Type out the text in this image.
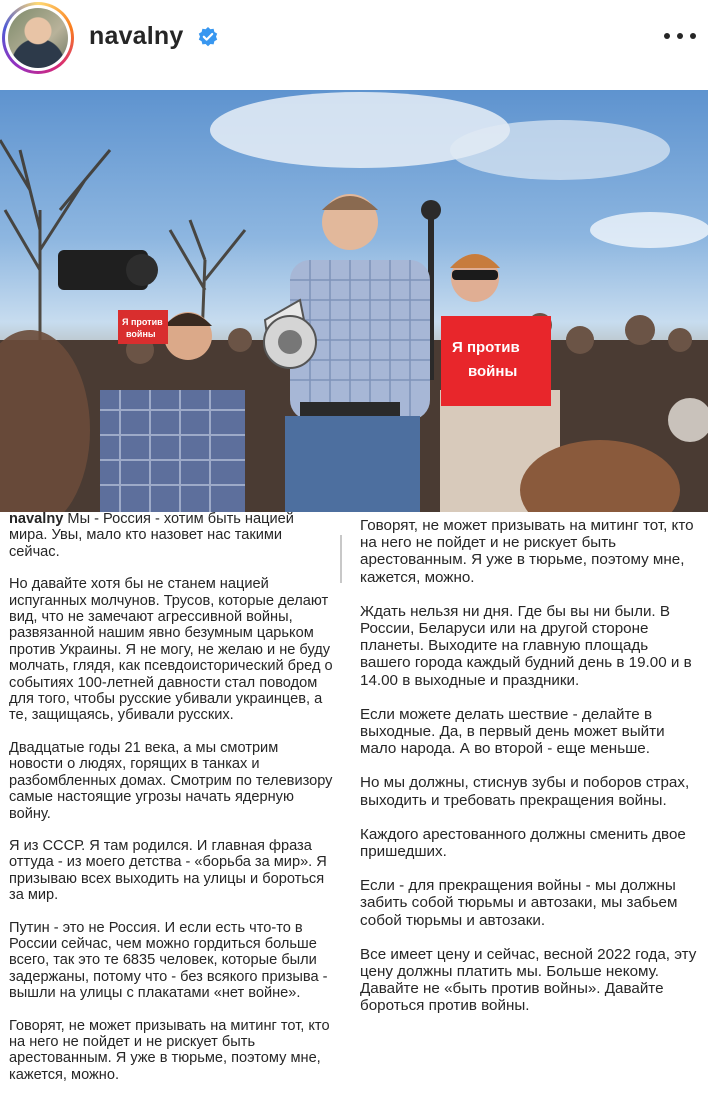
navalny
Я против
войны
Я против
войны

navalny Мы - Россия - хотим быть нацией мира. Увы, мало кто назовет нас такими сейчас.

Но давайте хотя бы не станем нацией испуганных молчунов. Трусов, которые делают вид, что не замечают агрессивной войны, развязанной нашим явно безумным царьком против Украины. Я не могу, не желаю и не буду молчать, глядя, как псевдоисторический бред о событиях 100-летней давности стал поводом для того, чтобы русские убивали украинцев, а те, защищаясь, убивали русских.

Двадцатые годы 21 века, а мы смотрим новости о людях, горящих в танках и разбомбленных домах. Смотрим по телевизору самые настоящие угрозы начать ядерную войну.

Я из СССР. Я там родился. И главная фраза оттуда - из моего детства - «борьба за мир». Я призываю всех выходить на улицы и бороться за мир.

Путин - это не Россия. И если есть что-то в России сейчас, чем можно гордиться больше всего, так это те 6835 человек, которые были задержаны, потому что - без всякого призыва - вышли на улицы с плакатами «нет войне».

Говорят, не может призывать на митинг тот, кто на него не пойдет и не рискует быть арестованным. Я уже в тюрьме, поэтому мне, кажется, можно.

Говорят, не может призывать на митинг тот, кто на него не пойдет и не рискует быть арестованным. Я уже в тюрьме, поэтому мне, кажется, можно.

Ждать нельзя ни дня. Где бы вы ни были. В России, Беларуси или на другой стороне планеты. Выходите на главную площадь вашего города каждый будний день в 19.00 и в 14.00 в выходные и праздники.

Если можете делать шествие - делайте в выходные. Да, в первый день может выйти мало народа. А во второй - еще меньше.

Но мы должны, стиснув зубы и поборов страх, выходить и требовать прекращения войны.

Каждого арестованного должны сменить двое пришедших.

Если - для прекращения войны - мы должны забить собой тюрьмы и автозаки, мы забьем собой тюрьмы и автозаки.

Все имеет цену и сейчас, весной 2022 года, эту цену должны платить мы. Больше некому. Давайте не «быть против войны». Давайте бороться против войны.
